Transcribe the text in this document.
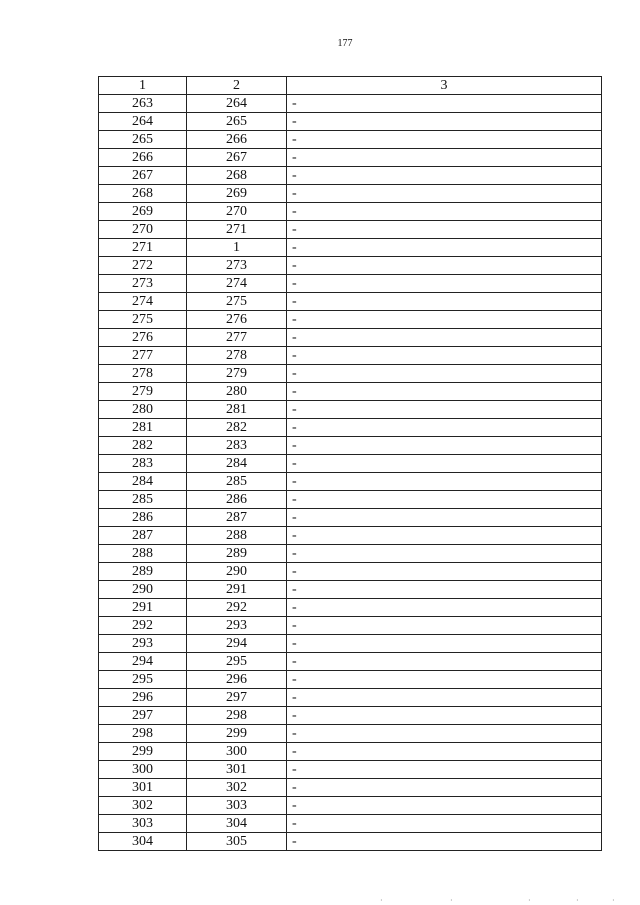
177
1	2	3
263	264	-
264	265	-
265	266	-
266	267	-
267	268	-
268	269	-
269	270	-
270	271	-
271	1	-
272	273	-
273	274	-
274	275	-
275	276	-
276	277	-
277	278	-
278	279	-
279	280	-
280	281	-
281	282	-
282	283	-
283	284	-
284	285	-
285	286	-
286	287	-
287	288	-
288	289	-
289	290	-
290	291	-
291	292	-
292	293	-
293	294	-
294	295	-
295	296	-
296	297	-
297	298	-
298	299	-
299	300	-
300	301	-
301	302	-
302	303	-
303	304	-
304	305	-
·	·	·	·	·
